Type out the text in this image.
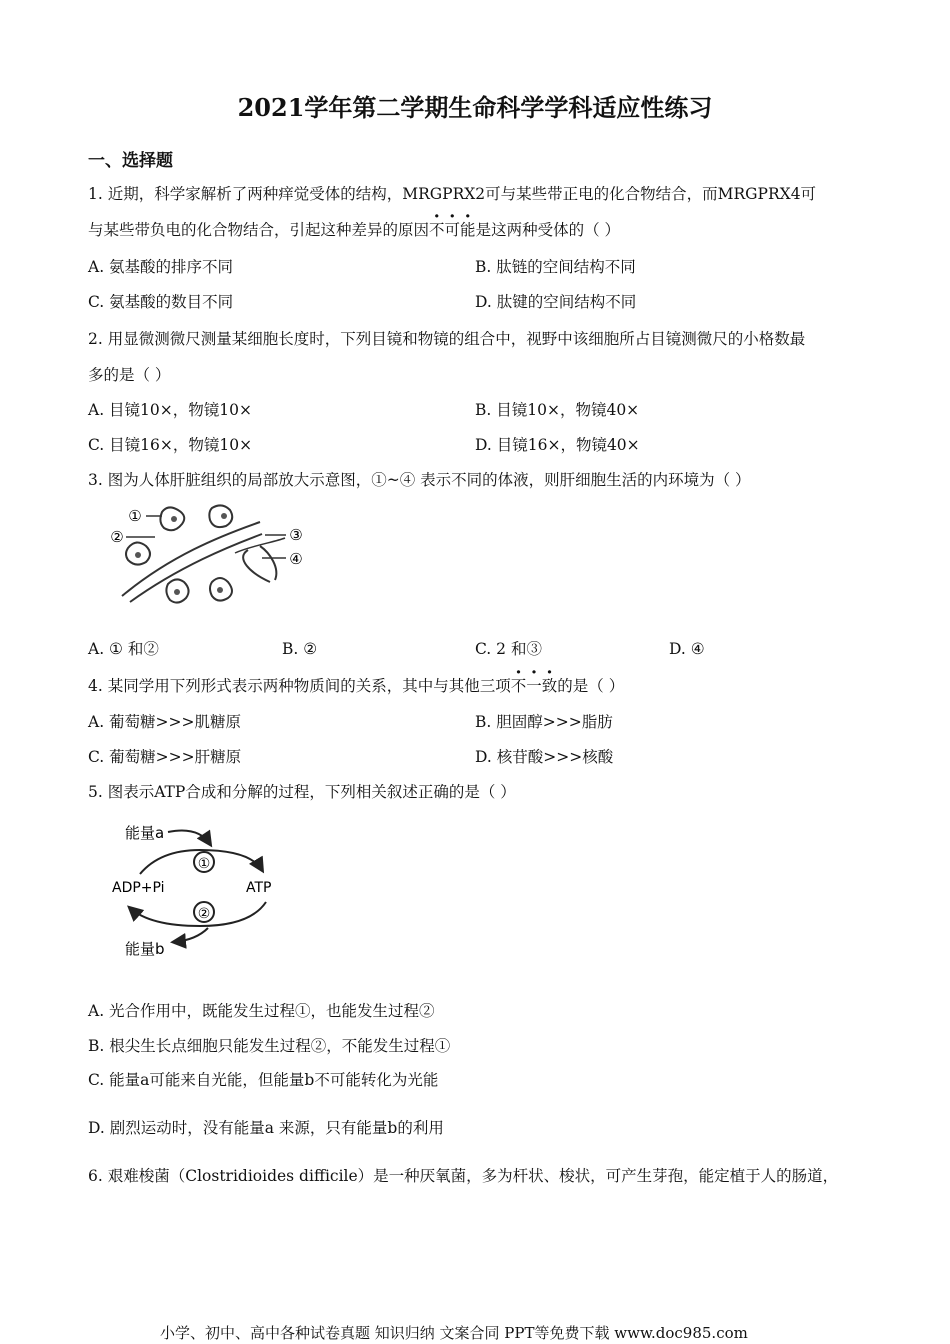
2021学年第二学期生命科学学科适应性练习
一、选择题
1. 近期，科学家解析了两种痒觉受体的结构，MRGPRX2可与某些带正电的化合物结合，而MRGPRX4可
与某些带负电的化合物结合，引起这种差异的原因不可能是这两种受体的（ ）
A. 氨基酸的排序不同	B. 肽链的空间结构不同
C. 氨基酸的数目不同	D. 肽键的空间结构不同
2. 用显微测微尺测量某细胞长度时，下列目镜和物镜的组合中，视野中该细胞所占目镜测微尺的小格数最
多的是（ ）
A. 目镜10×，物镜10×	B. 目镜10×，物镜40×
C. 目镜16×，物镜10×	D. 目镜16×，物镜40×
3. 图为人体肝脏组织的局部放大示意图，①~④ 表示不同的体液，则肝细胞生活的内环境为（ ）
①
②	③
④
A. ① 和②	B. ②	C. 2 和③	D. ④
4. 某同学用下列形式表示两种物质间的关系，其中与其他三项不一致的是（ ）
A. 葡萄糖>>>肌糖原	B. 胆固醇>>>脂肪
C. 葡萄糖>>>肝糖原	D. 核苷酸>>>核酸
5. 图表示ATP合成和分解的过程，下列相关叙述正确的是（ ）
能量a
能量b
ADP+Pi	ATP
①
②
A. 光合作用中，既能发生过程①，也能发生过程②
B. 根尖生长点细胞只能发生过程②，不能发生过程①
C. 能量a可能来自光能，但能量b不可能转化为光能
D. 剧烈运动时，没有能量a 来源，只有能量b的利用
6. 艰难梭菌（Clostridioides difficile）是一种厌氧菌，多为杆状、梭状，可产生芽孢，能定植于人的肠道，
小学、初中、高中各种试卷真题 知识归纳 文案合同 PPT等免费下载 www.doc985.com
